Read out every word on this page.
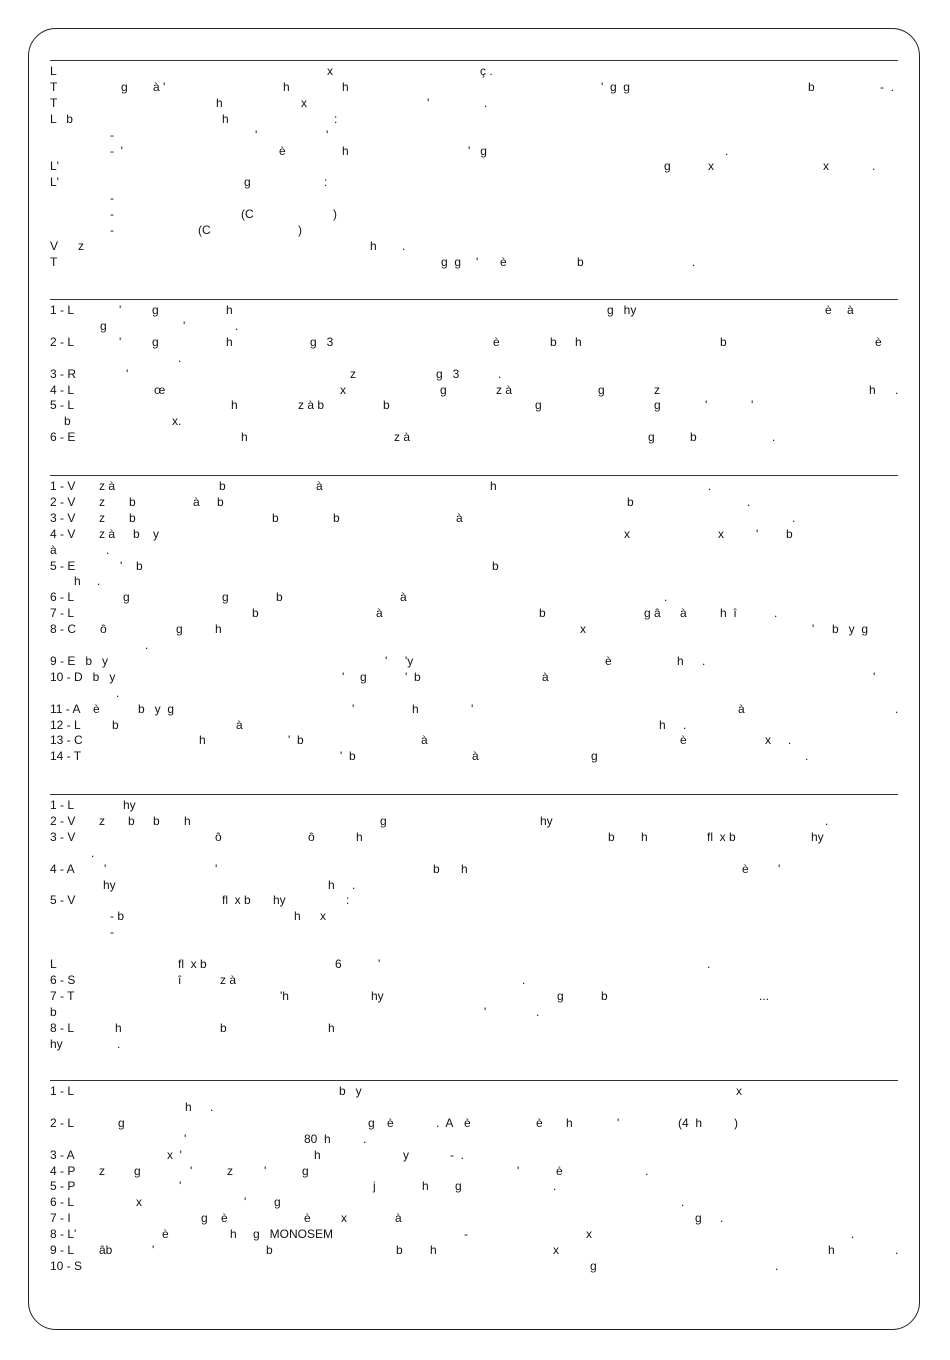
L	x	ç .
T	g à '	h	h	'  g  g	b	-  .
T	h	x	'	.
L   b	h	:
-	'	'
-  '	è	h	'   g	.
L'	g	x	x	.
L'	g	:
-
-	(C	)
-	(C	)
V      z	h .
T	g  g ' è	b	.
1 - L	'	g	h	g   hy	è à
g	'	.
2 - L	'	g	h	g   3	è	b h	b	è
.
3 - R	'	z	g   3	.
4 - L	œ	x	g	z à	g	z	h .
5 - L	h	z à b	b	g	g	'	'
b	x.
6 - E	h	z à	g	b	.
1 - V z à	b	à	h	.
2 - V z b	à b	b	.
3 - V z b	b	b	à	.
4 - V z à b y	x	x	' b
à	.
5 - E	' b	b
h .
6 - L	g	g	b	à	.
7 - L	b	à	b	g â à	h  î	.
8 - C ô	g	h	x	' b   y  g
.
9 - E   b   y	' 'y	è	h .
10 - D   b   y	' g	'  b	à	'
.
11 - A è	b   y  g	'	h	'	à	.
12 - L	b	à	h .
13 - C	h	'  b	à	è	x .
14 - T	'  b	à	g	.
1 - L	hy
2 - V z b b h	g	hy	.
3 - V	ô	ô	h	b h	fl  x b	hy
.
4 - A '	'	b h	è '
hy	h .
5 - V	fl  x b hy	:
- b	h x
-
L	fl  x b	6	'	.
6 - S	î	z à	.
7 - T	'h	hy	g	b	...
b	'	.
8 - L	h	b	h
hy	.
1 - L	b   y	x
h .
2 - L	g	g è	.  A è	è h	'	(4  h	)
'	80  h	.
3 - A	x  '	h	y	-  .
4 - P z g	'	z	'	g	'	è	.
5 - P	'	j	h g	.
6 - L	x	' g	.
7 - I	g è	è	x	à	g .
8 - L'	è	h g   MONOSEM	-	x	.
9 - L âb	'	b	b h	x	h	.
10 - S	g	.
